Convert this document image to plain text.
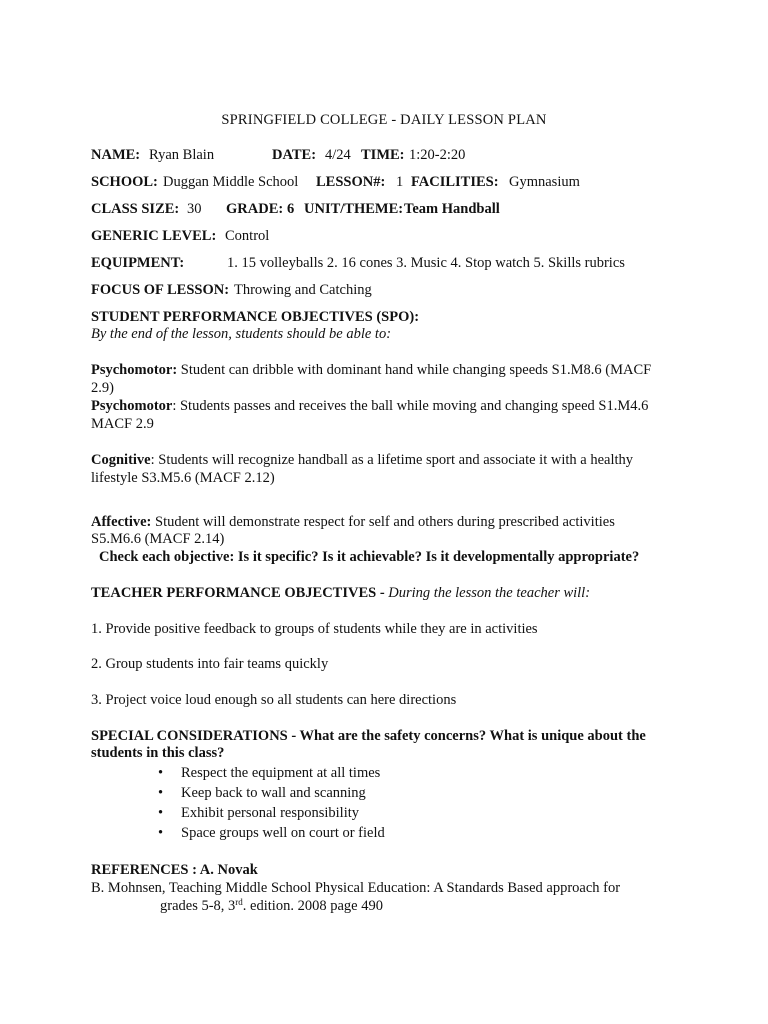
SPRINGFIELD COLLEGE - DAILY LESSON PLAN
NAME: Ryan Blain	DATE: 4/24 TIME: 1:20-2:20
SCHOOL: Duggan Middle School LESSON#: 1 FACILITIES: Gymnasium
CLASS SIZE: 30 GRADE: 6 UNIT/THEME: Team Handball
GENERIC LEVEL: Control
EQUIPMENT:	1. 15 volleyballs 2. 16 cones 3. Music 4. Stop watch 5. Skills rubrics
FOCUS OF LESSON: Throwing and Catching
STUDENT PERFORMANCE OBJECTIVES (SPO):
By the end of the lesson, students should be able to:
Psychomotor: Student can dribble with dominant hand while changing speeds S1.M8.6 (MACF
2.9)
Psychomotor: Students passes and receives the ball while moving and changing speed S1.M4.6
MACF 2.9
Cognitive: Students will recognize handball as a lifetime sport and associate it with a healthy
lifestyle S3.M5.6 (MACF 2.12)
Affective: Student will demonstrate respect for self and others during prescribed activities
S5.M6.6 (MACF 2.14)
Check each objective: Is it specific? Is it achievable? Is it developmentally appropriate?
TEACHER PERFORMANCE OBJECTIVES - During the lesson the teacher will:
1. Provide positive feedback to groups of students while they are in activities
2. Group students into fair teams quickly
3. Project voice loud enough so all students can here directions
SPECIAL CONSIDERATIONS - What are the safety concerns? What is unique about the
students in this class?
• Respect the equipment at all times
• Keep back to wall and scanning
• Exhibit personal responsibility
• Space groups well on court or field
REFERENCES : A. Novak
B. Mohnsen, Teaching Middle School Physical Education: A Standards Based approach for
grades 5-8, 3rd. edition. 2008 page 490
